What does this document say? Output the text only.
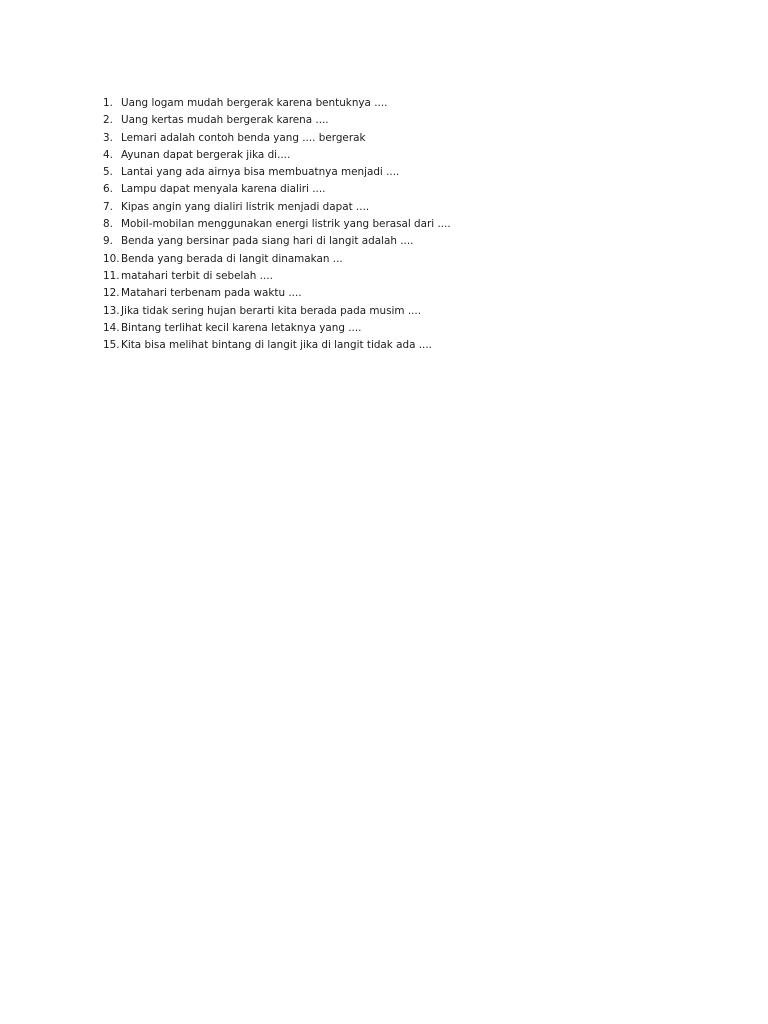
1. Uang logam mudah bergerak karena bentuknya ....
2. Uang kertas mudah bergerak karena ....
3. Lemari adalah contoh benda yang .... bergerak
4. Ayunan dapat bergerak jika di....
5. Lantai yang ada airnya bisa membuatnya menjadi ....
6. Lampu dapat menyala karena dialiri ....
7. Kipas angin yang dialiri listrik menjadi dapat ....
8. Mobil-mobilan menggunakan energi listrik yang berasal dari ....
9. Benda yang bersinar pada siang hari di langit adalah ....
10. Benda yang berada di langit dinamakan ...
11. matahari terbit di sebelah ....
12. Matahari terbenam pada waktu ....
13. Jika tidak sering hujan berarti kita berada pada musim ....
14. Bintang terlihat kecil karena letaknya yang ....
15. Kita bisa melihat bintang di langit jika di langit tidak ada ....
